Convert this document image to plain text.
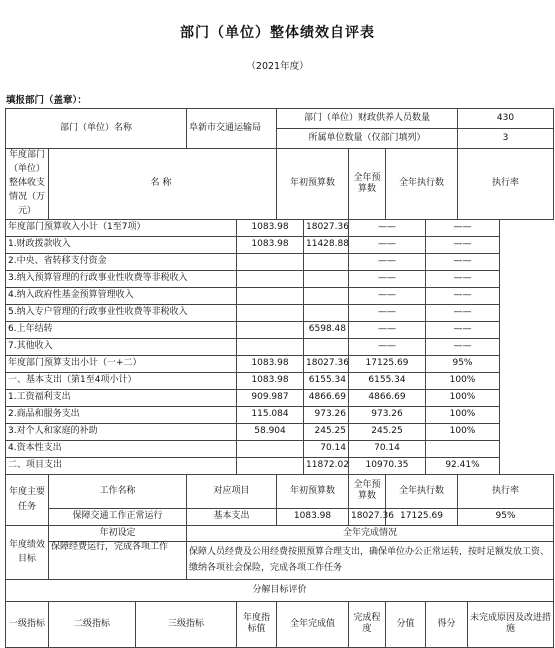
部门（单位）整体绩效自评表
（2021年度）
填报部门（盖章）：
部门（单位）名称			阜新市交通运输局		部门（单位）财政供养人员数量					430	
					所属单位数量（仅部门填列）					3	
年度部门（单位）整体收支情况（万元）	名称				年初预算数		全年预算数	全年执行数		执行率	
年度部门预算收入小计（1至7项）				1083.98		18027.36	——		——		
1.财政拨款收入				1083.98		11428.88	——		——		
2.中央、省转移支付资金							——		——		
3.纳入预算管理的行政事业性收费等非税收入							——		——		
4.纳入政府性基金预算管理收入							——		——		
5.纳入专户管理的行政事业性收费等非税收入							——		——		
6.上年结转						6598.48	——		——		
7.其他收入							——		——		
年度部门预算支出小计（一+二）				1083.98		18027.36	17125.69		95%		
一、基本支出（第1至4项小计）				1083.98		6155.34	6155.34		100%		
1.工资福利支出				909.987		4866.69	4866.69		100%		
2.商品和服务支出				115.084		973.26	973.26		100%		
3.对个人和家庭的补助				58.904		245.25	245.25		100%		
4.资本性支出						70.14	70.14				
二、项目支出						11872.02	10970.35		92.41%		
年度主要任务	工作名称		对应项目		年初预算数		全年预算数	全年执行数		执行率	
	保障交通工作正常运行		基本支出		1083.98		18027.36	17125.69		95%	
年度绩效目标	年初设定		全年完成情况								
	保障经费运行，完成各项工作		保障人员经费及公用经费按照预算合理支出，确保单位办公正常运转，按时足额发放工资、缴纳各项社会保险，完成各项工作任务								
分解目标评价											
一级指标	二级指标	三级指标		年度指标值	全年完成值		完成程度	分值	得分		未完成原因及改进措施
